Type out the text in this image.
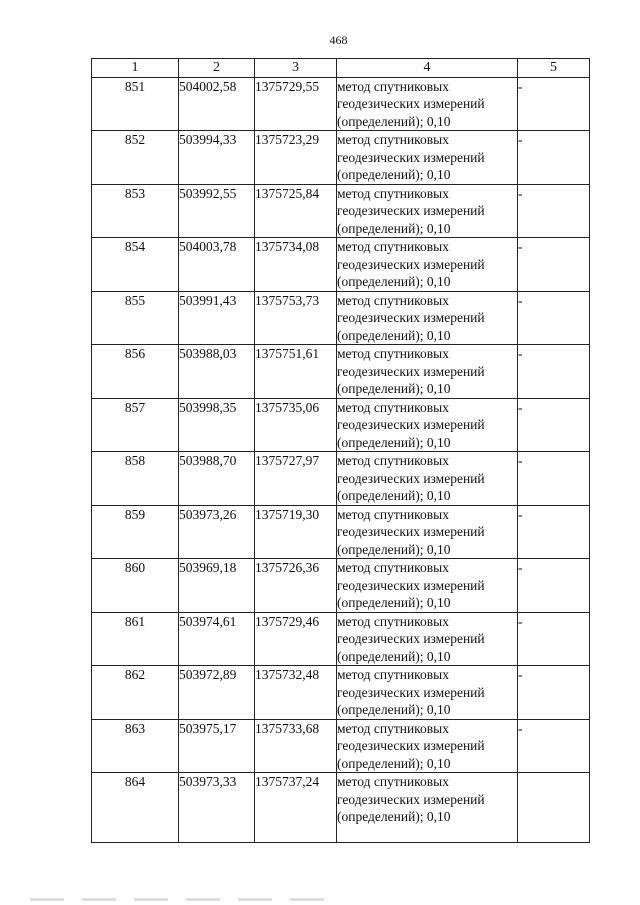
468
1	2	3	4	5
851	504002,58	1375729,55	метод спутниковых геодезических измерений (определений); 0,10	-
852	503994,33	1375723,29	метод спутниковых геодезических измерений (определений); 0,10	-
853	503992,55	1375725,84	метод спутниковых геодезических измерений (определений); 0,10	-
854	504003,78	1375734,08	метод спутниковых геодезических измерений (определений); 0,10	-
855	503991,43	1375753,73	метод спутниковых геодезических измерений (определений); 0,10	-
856	503988,03	1375751,61	метод спутниковых геодезических измерений (определений); 0,10	-
857	503998,35	1375735,06	метод спутниковых геодезических измерений (определений); 0,10	-
858	503988,70	1375727,97	метод спутниковых геодезических измерений (определений); 0,10	-
859	503973,26	1375719,30	метод спутниковых геодезических измерений (определений); 0,10	-
860	503969,18	1375726,36	метод спутниковых геодезических измерений (определений); 0,10	-
861	503974,61	1375729,46	метод спутниковых геодезических измерений (определений); 0,10	-
862	503972,89	1375732,48	метод спутниковых геодезических измерений (определений); 0,10	-
863	503975,17	1375733,68	метод спутниковых геодезических измерений (определений); 0,10	-
864	503973,33	1375737,24	метод спутниковых геодезических измерений (определений); 0,10	
